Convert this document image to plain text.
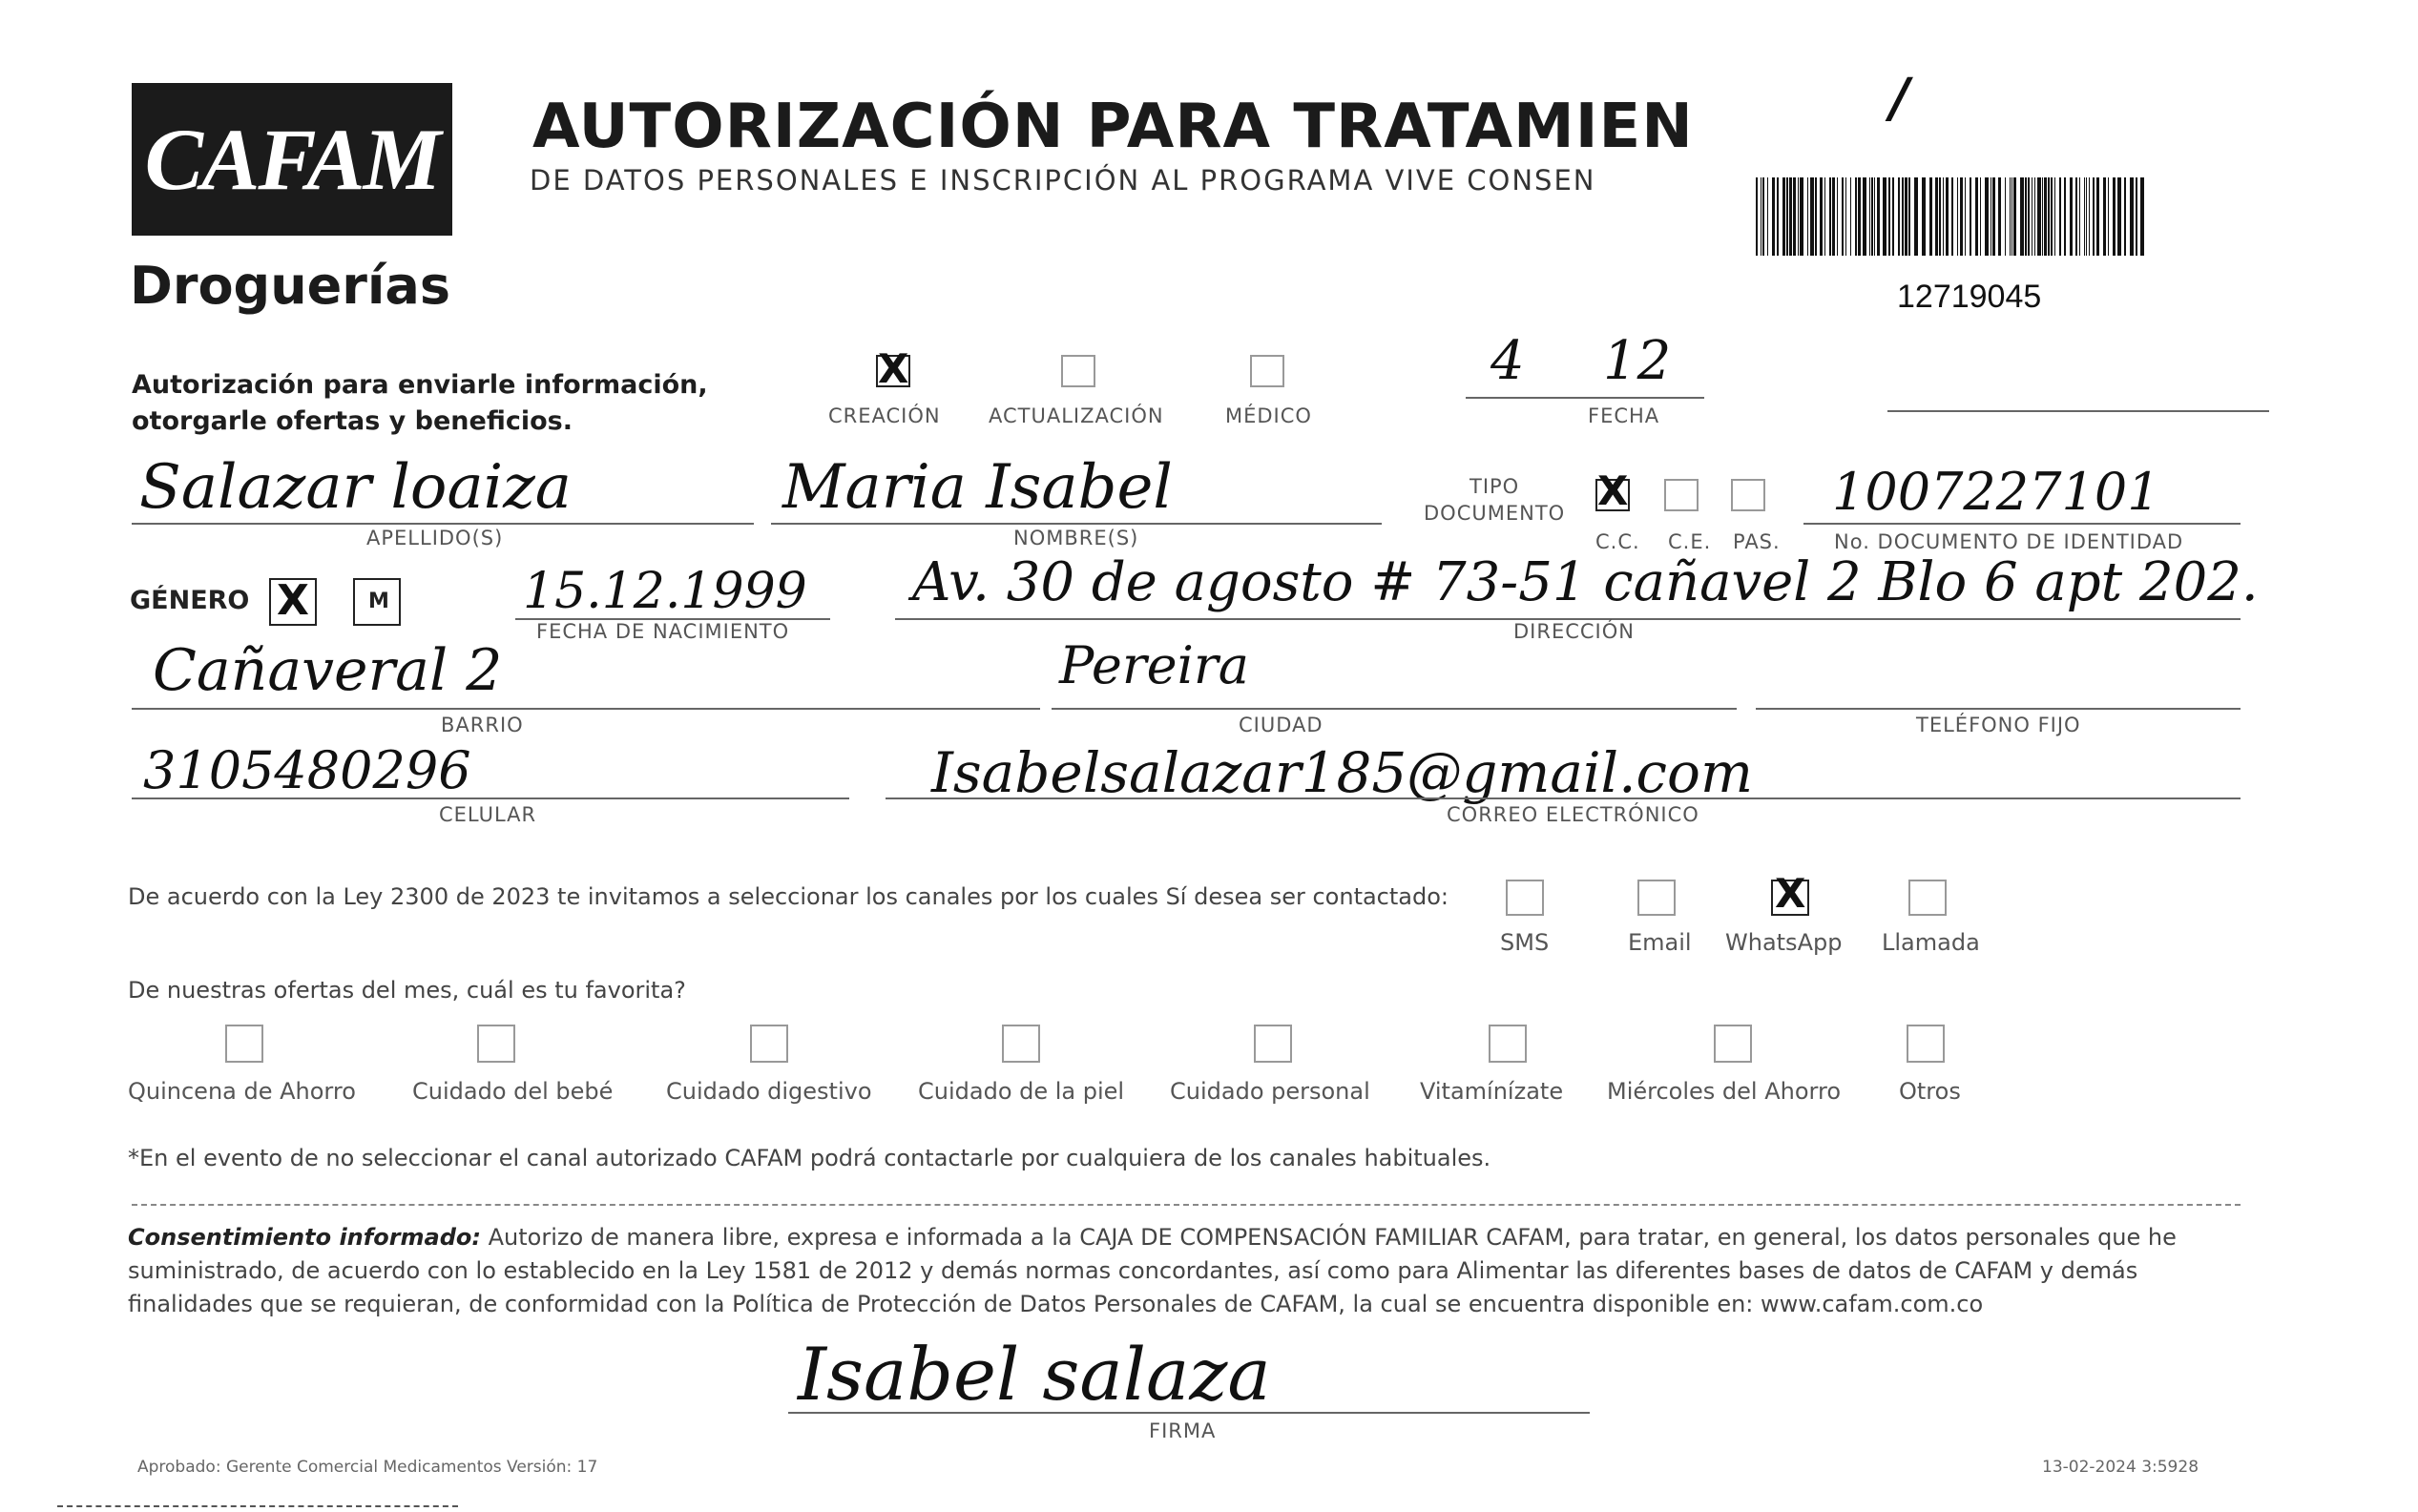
CAFAM
Droguerías
AUTORIZACIÓN PARA TRATAMIEN
DE DATOS PERSONALES E INSCRIPCIÓN AL PROGRAMA VIVE CONSEN
/
12719045
Autorización para enviarle información,
otorgarle ofertas y beneficios.
X
CREACIÓN ACTUALIZACIÓN	MÉDICO
4 12
FECHA
Salazar loaiza
APELLIDO(S)
Maria Isabel
NOMBRE(S)
TIPO
DOCUMENTO X
C.C. C.E. PAS.
1007227101
No. DOCUMENTO DE IDENTIDAD
GÉNERO X	M	15.12.1999
FECHA DE NACIMIENTO
Av. 30 de agosto # 73-51 cañavel 2 Blo 6 apt 202.
DIRECCIÓN
Cañaveral 2
BARRIO
Pereira
CIUDAD	TELÉFONO FIJO
3105480296
CELULAR
Isabelsalazar185@gmail.com
CORREO ELECTRÓNICO
De acuerdo con la Ley 2300 de 2023 te invitamos a seleccionar los canales por los cuales Sí desea ser contactado:
SMS	Email
X
WhatsApp Llamada
De nuestras ofertas del mes, cuál es tu favorita?
Quincena de Ahorro Cuidado del bebé Cuidado digestivo Cuidado de la piel Cuidado personal Vitamínízate Miércoles del Ahorro	Otros
*En el evento de no seleccionar el canal autorizado CAFAM podrá contactarle por cualquiera de los canales habituales.
Consentimiento informado: Autorizo de manera libre, expresa e informada a la CAJA DE COMPENSACIÓN FAMILIAR CAFAM, para tratar, en general, los datos personales que he suministrado, de acuerdo con lo establecido en la Ley 1581 de 2012 y demás normas concordantes, así como para Alimentar las diferentes bases de datos de CAFAM y demás finalidades que se requieran, de conformidad con la Política de Protección de Datos Personales de CAFAM, la cual se encuentra disponible en: www.cafam.com.co
Isabel salaza
FIRMA
Aprobado: Gerente Comercial Medicamentos Versión: 17	13-02-2024 3:5928
